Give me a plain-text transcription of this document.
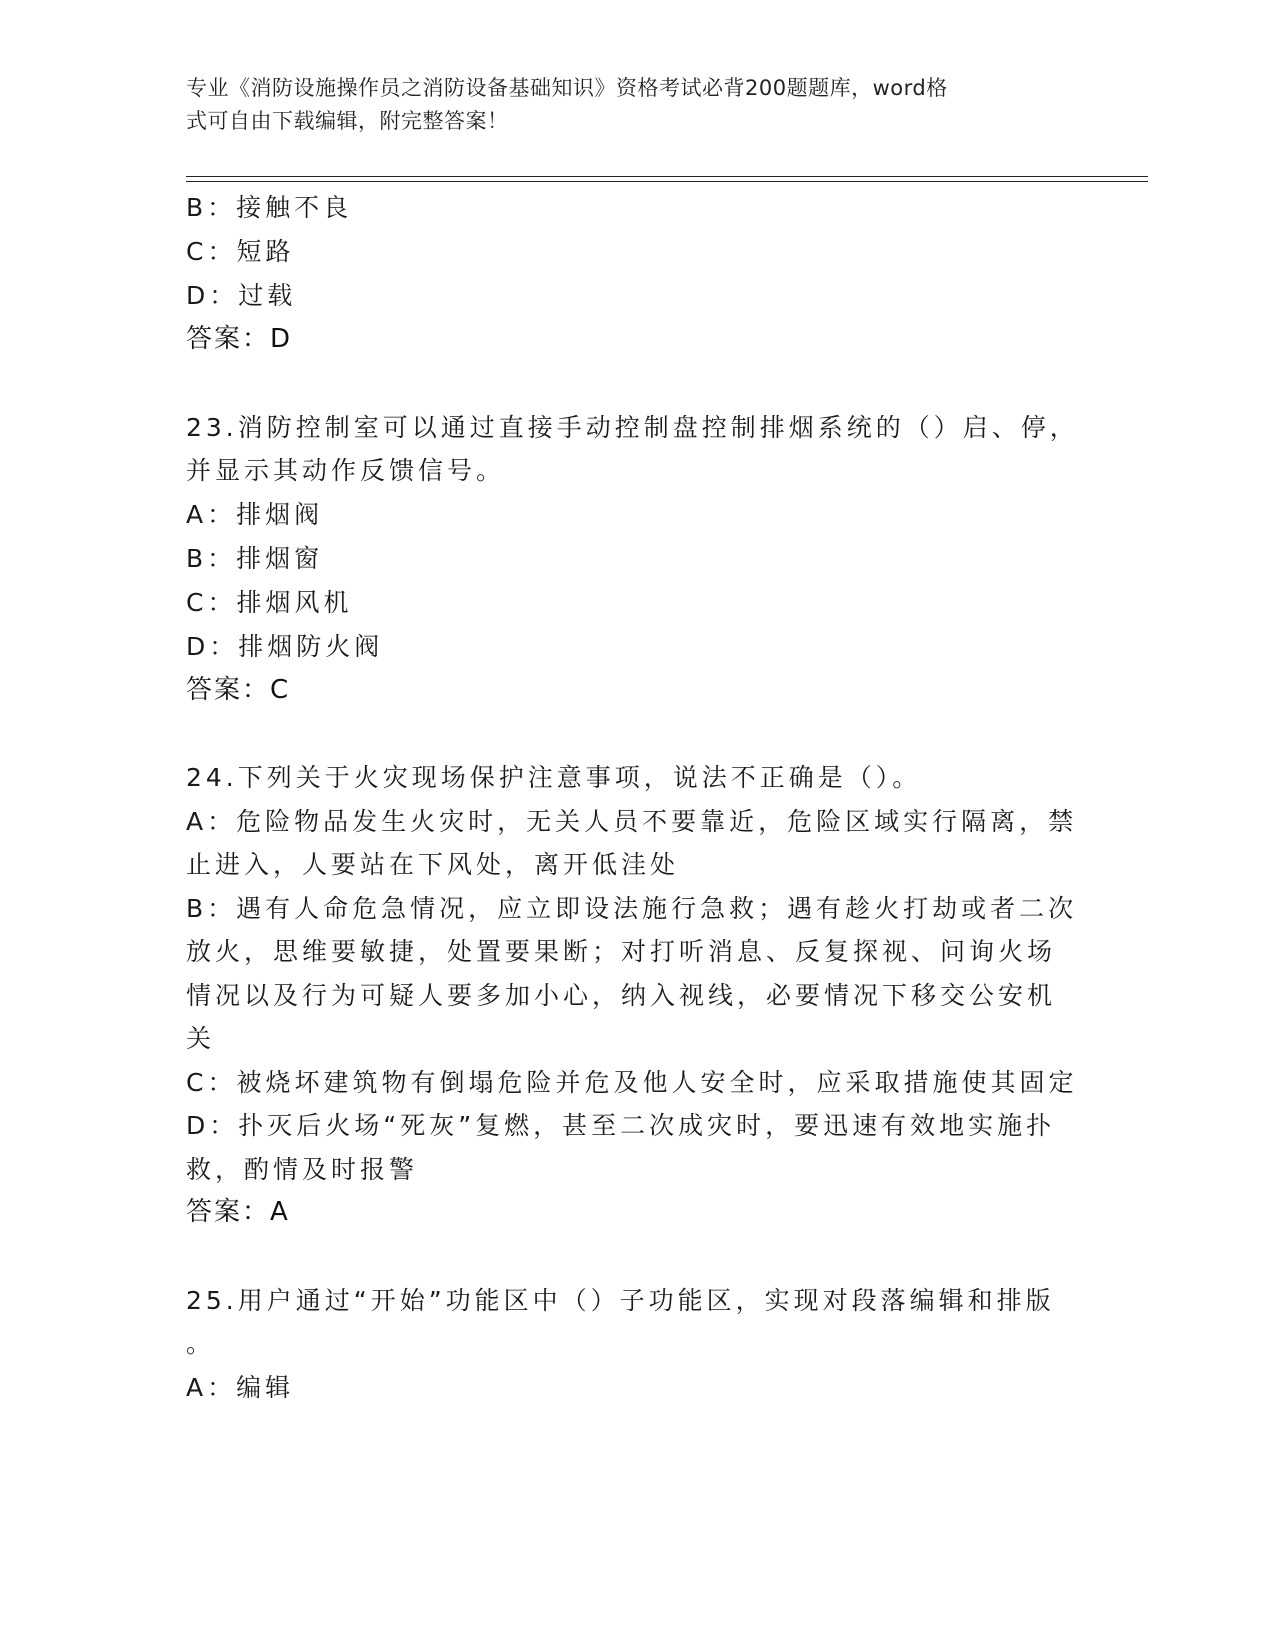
专业《消防设施操作员之消防设备基础知识》资格考试必背200题题库，word格
式可自由下载编辑，附完整答案！
B：接触不良
C：短路
D：过载
答案：D
23.消防控制室可以通过直接手动控制盘控制排烟系统的（）启、停，
并显示其动作反馈信号。
A：排烟阀
B：排烟窗
C：排烟风机
D：排烟防火阀
答案：C
24.下列关于火灾现场保护注意事项，说法不正确是（）。
A：危险物品发生火灾时，无关人员不要靠近，危险区域实行隔离，禁
止进入，人要站在下风处，离开低洼处
B：遇有人命危急情况，应立即设法施行急救；遇有趁火打劫或者二次
放火，思维要敏捷，处置要果断；对打听消息、反复探视、问询火场
情况以及行为可疑人要多加小心，纳入视线，必要情况下移交公安机
关
C：被烧坏建筑物有倒塌危险并危及他人安全时，应采取措施使其固定
D：扑灭后火场“死灰”复燃，甚至二次成灾时，要迅速有效地实施扑
救，酌情及时报警
答案：A
25.用户通过“开始”功能区中（）子功能区，实现对段落编辑和排版
。
A：编辑
